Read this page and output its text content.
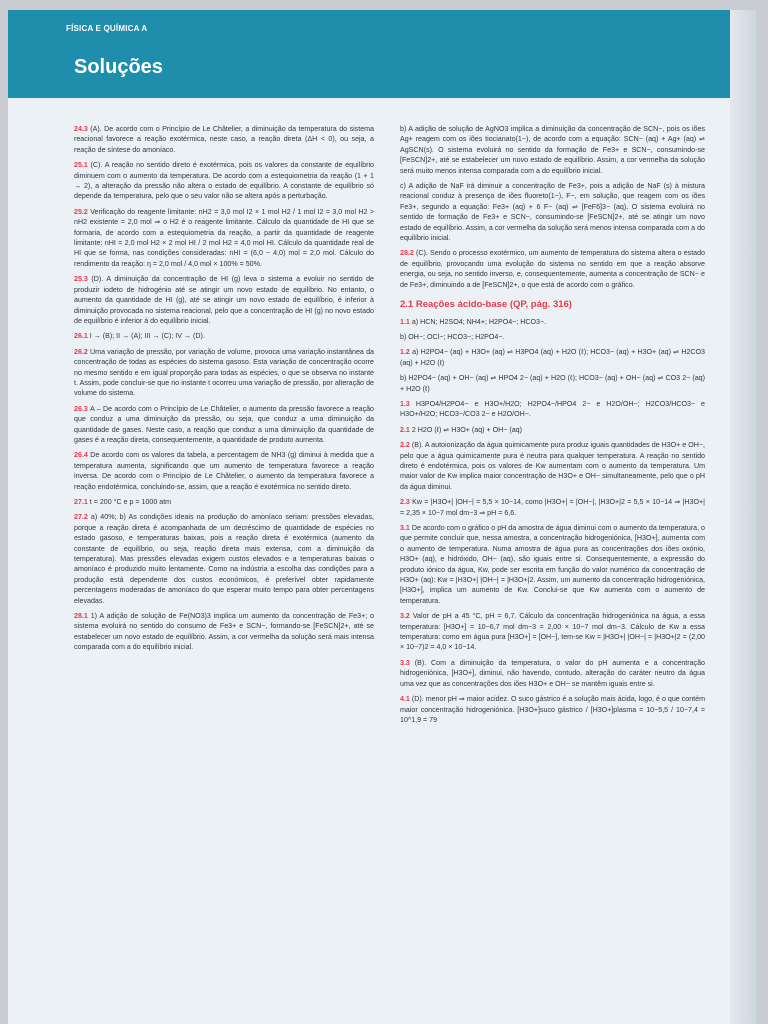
FÍSICA E QUÍMICA A
Soluções

24.3 (A). De acordo com o Princípio de Le Châtelier, a diminuição da temperatura do sistema reacional favorece a reação exotérmica, neste caso, a reação direta (ΔH < 0), ou seja, a reação de síntese do amoníaco.

25.1 (C). A reação no sentido direto é exotérmica, pois os valores da constante de equilíbrio diminuem com o aumento da temperatura. De acordo com a estequiometria da reação (1 + 1 → 2), a alteração da pressão não altera o estado de equilíbrio. A constante de equilíbrio só depende da temperatura, pelo que o seu valor não se altera após a perturbação.

25.2 Verificação do reagente limitante: nH2 = 3,0 mol I2 × 1 mol H2 / 1 mol I2 = 3,0 mol H2 > nH2 existente = 2,0 mol ⇒ o H2 é o reagente limitante. Cálculo da quantidade de HI que se formaria, de acordo com a estequiometria da reação, a partir da quantidade de reagente limitante: nHI = 2,0 mol H2 × 2 mol HI / 2 mol H2 = 4,0 mol HI. Cálculo da quantidade real de HI que se forma, nas condições consideradas: nHI = (6,0 − 4,0) mol = 2,0 mol. Cálculo do rendimento da reação: η = 2,0 mol / 4,0 mol × 100% = 50%.

25.3 (D). A diminuição da concentração de HI (g) leva o sistema a evoluir no sentido de produzir iodeto de hidrogénio até se atingir um novo estado de equilíbrio. No entanto, o aumento da quantidade de HI (g), até se atingir um novo estado de equilíbrio, é inferior à diminuição provocada no sistema reacional, pelo que a concentração de HI (g) no novo estado de equilíbrio é inferior à do equilíbrio inicial.

26.1 I → (B); II → (A); III → (C); IV → (D).

26.2 Uma variação de pressão, por variação de volume, provoca uma variação instantânea da concentração de todas as espécies do sistema gasoso. Esta variação de concentração ocorre no mesmo sentido e em igual proporção para todas as espécies, o que se observa no instante t. Assim, pode concluir-se que no instante t ocorreu uma variação de pressão, por alteração de volume do sistema.

26.3 A – De acordo com o Princípio de Le Châtelier, o aumento da pressão favorece a reação que conduz a uma diminuição da pressão, ou seja, que conduz a uma diminuição da quantidade de gases. Neste caso, a reação que conduz a uma diminuição da quantidade de gases é a reação direta, consequentemente, a quantidade de produto aumenta.

26.4 De acordo com os valores da tabela, a percentagem de NH3 (g) diminui à medida que a temperatura aumenta, significando que um aumento de temperatura favorece a reação inversa. De acordo com o Princípio de Le Châtelier, o aumento da temperatura favorece a reação endotérmica, concluindo-se, assim, que a reação é exotérmica no sentido direto.

27.1 t = 200 °C e p = 1000 atm

27.2 a) 40%; b) As condições ideais na produção do amoníaco seriam: pressões elevadas, porque a reação direta é acompanhada de um decréscimo de quantidade de espécies no estado gasoso, e temperaturas baixas, pois a reação direta é exotérmica (aumento da constante de equilíbrio, ou seja, reação direta mais extensa, com a diminuição da temperatura). Mas pressões elevadas exigem custos elevados e a temperaturas baixas o amoníaco é produzido muito lentamente. Como na indústria a escolha das condições para a produção está dependente dos custos económicos, é preferível obter rapidamente percentagens moderadas de amoníaco do que esperar muito tempo para obter percentagens elevadas.

28.1 1) A adição de solução de Fe(NO3)3 implica um aumento da concentração de Fe3+; o sistema evoluirá no sentido do consumo de Fe3+ e SCN−, formando-se [FeSCN]2+, até se estabelecer um novo estado de equilíbrio. Assim, a cor vermelha da solução será mais intensa comparada com a do equilíbrio inicial.

b) A adição de solução de AgNO3 implica a diminuição da concentração de SCN−, pois os iões Ag+ reagem com os iões tiocianato(1−), de acordo com a equação: SCN− (aq) + Ag+ (aq) ⇌ AgSCN(s). O sistema evoluirá no sentido da formação de Fe3+ e SCN−, consumindo-se [FeSCN]2+, até se estabelecer um novo estado de equilíbrio. Assim, a cor vermelha da solução será muito menos intensa comparada com a do equilíbrio inicial.

c) A adição de NaF irá diminuir a concentração de Fe3+, pois a adição de NaF (s) à mistura reacional conduz à presença de iões fluoreto(1−), F−, em solução, que reagem com os iões Fe3+, segundo a equação: Fe3+ (aq) + 6 F− (aq) ⇌ [FeF6]3− (aq). O sistema evoluirá no sentido de formação de Fe3+ e SCN−, consumindo-se [FeSCN]2+, até se atingir um novo estado de equilíbrio. Assim, a cor vermelha da solução será menos intensa comparada com a do equilíbrio inicial.

28.2 (C). Sendo o processo exotérmico, um aumento de temperatura do sistema altera o estado de equilíbrio, provocando uma evolução do sistema no sentido em que a reação absorve energia, ou seja, no sentido inverso, e, consequentemente, aumenta a concentração de SCN− e de Fe3+, diminuindo a de [FeSCN]2+, o que está de acordo com o gráfico.

2.1 Reações ácido-base (QP, pág. 316)

1.1 a) HCN; H2SO4; NH4+; H2PO4−; HCO3−.

b) OH−; OCl−; HCO3−; H2PO4−.

1.2 a) H2PO4− (aq) + H3O+ (aq) ⇌ H3PO4 (aq) + H2O (ℓ); HCO3− (aq) + H3O+ (aq) ⇌ H2CO3 (aq) + H2O (ℓ)

b) H2PO4− (aq) + OH− (aq) ⇌ HPO4 2− (aq) + H2O (ℓ); HCO3− (aq) + OH− (aq) ⇌ CO3 2− (aq) + H2O (ℓ)

1.3 H3PO4/H2PO4− e H3O+/H2O; H2PO4−/HPO4 2− e H2O/OH−; H2CO3/HCO3− e H3O+/H2O; HCO3−/CO3 2− e H2O/OH−.

2.1 2 H2O (ℓ) ⇌ H3O+ (aq) + OH− (aq)

2.2 (B). A autoionização da água quimicamente pura produz iguais quantidades de H3O+ e OH−, pelo que a água quimicamente pura é neutra para qualquer temperatura. A reação no sentido direto é endotérmica, pois os valores de Kw aumentam com o aumento da temperatura. Um maior valor de Kw implica maior concentração de H3O+ e OH− simultaneamente, pelo que o pH da água diminui.

2.3 Kw = |H3O+| |OH−| = 5,5 × 10−14, como |H3O+| = |OH−|, |H3O+|2 = 5,5 × 10−14 ⇒ |H3O+| = 2,35 × 10−7 mol dm−3 ⇒ pH = 6,6.

3.1 De acordo com o gráfico o pH da amostra de água diminui com o aumento da temperatura, o que permite concluir que, nessa amostra, a concentração hidrogeniónica, [H3O+], aumenta com o aumento de temperatura. Numa amostra de água pura as concentrações dos iões oxónio, H3O+ (aq), e hidróxido, OH− (aq), são iguais entre si. Consequentemente, a expressão do produto iónico da água, Kw, pode ser escrita em função do valor numérico da concentração de H3O+ (aq): Kw = |H3O+| |OH−| = |H3O+|2. Assim, um aumento da concentração hidrogeniónica, [H3O+], implica um aumento de Kw. Conclui-se que Kw aumenta com o aumento de temperatura.

3.2 Valor de pH a 45 °C, pH = 6,7. Cálculo da concentração hidrogeniónica na água, a essa temperatura: [H3O+] = 10−6,7 mol dm−3 = 2,00 × 10−7 mol dm−3. Cálculo de Kw a essa temperatura: como em água pura [H3O+] = [OH−], tem-se Kw = |H3O+| |OH−| = |H3O+|2 = (2,00 × 10−7)2 = 4,0 × 10−14.

3.3 (B). Com a diminuição da temperatura, o valor do pH aumenta e a concentração hidrogeniónica, [H3O+], diminui, não havendo, contudo, alteração do caráter neutro da água uma vez que as concentrações dos iões H3O+ e OH− se mantêm iguais entre si.

4.1 (D). menor pH ⇒ maior acidez. O suco gástrico é a solução mais ácida, logo, é o que contém maior concentração hidrogeniónica. [H3O+]suco gástrico / [H3O+]plasma = 10−5,5 / 10−7,4 = 10^1,9 = 79
